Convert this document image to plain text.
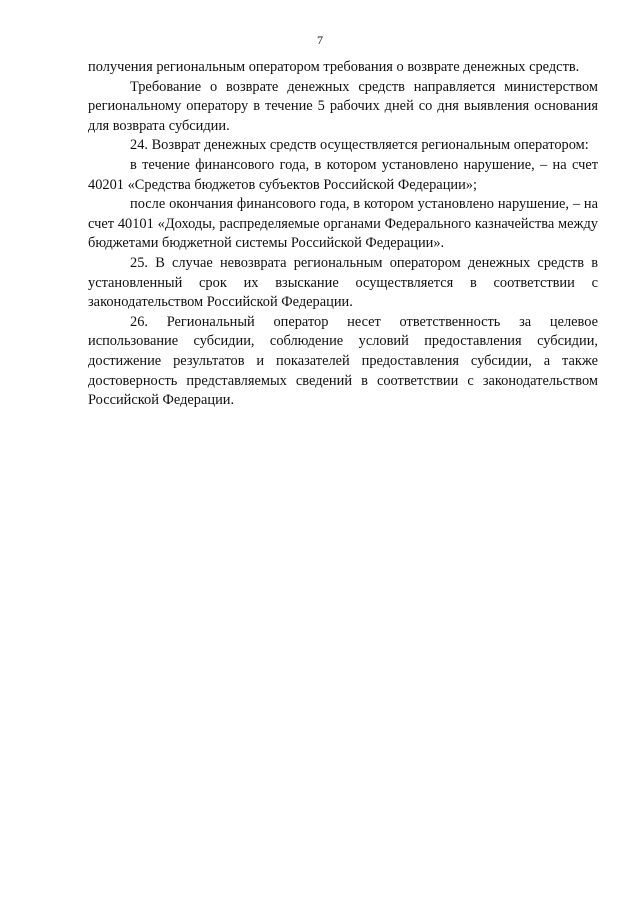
7

получения региональным оператором требования о возврате денежных средств.

Требование о возврате денежных средств направляется министерством региональному оператору в течение 5 рабочих дней со дня выявления основания для возврата субсидии.

24. Возврат денежных средств осуществляется региональным оператором:

в течение финансового года, в котором установлено нарушение, – на счет 40201 «Средства бюджетов субъектов Российской Федерации»;

после окончания финансового года, в котором установлено нарушение, – на счет 40101 «Доходы, распределяемые органами Федерального казначейства между бюджетами бюджетной системы Российской Федерации».

25. В случае невозврата региональным оператором денежных средств в установленный срок их взыскание осуществляется в соответствии с законодательством Российской Федерации.

26. Региональный оператор несет ответственность за целевое использование субсидии, соблюдение условий предоставления субсидии, достижение результатов и показателей предоставления субсидии, а также достоверность представляемых сведений в соответствии с законодательством Российской Федерации.
